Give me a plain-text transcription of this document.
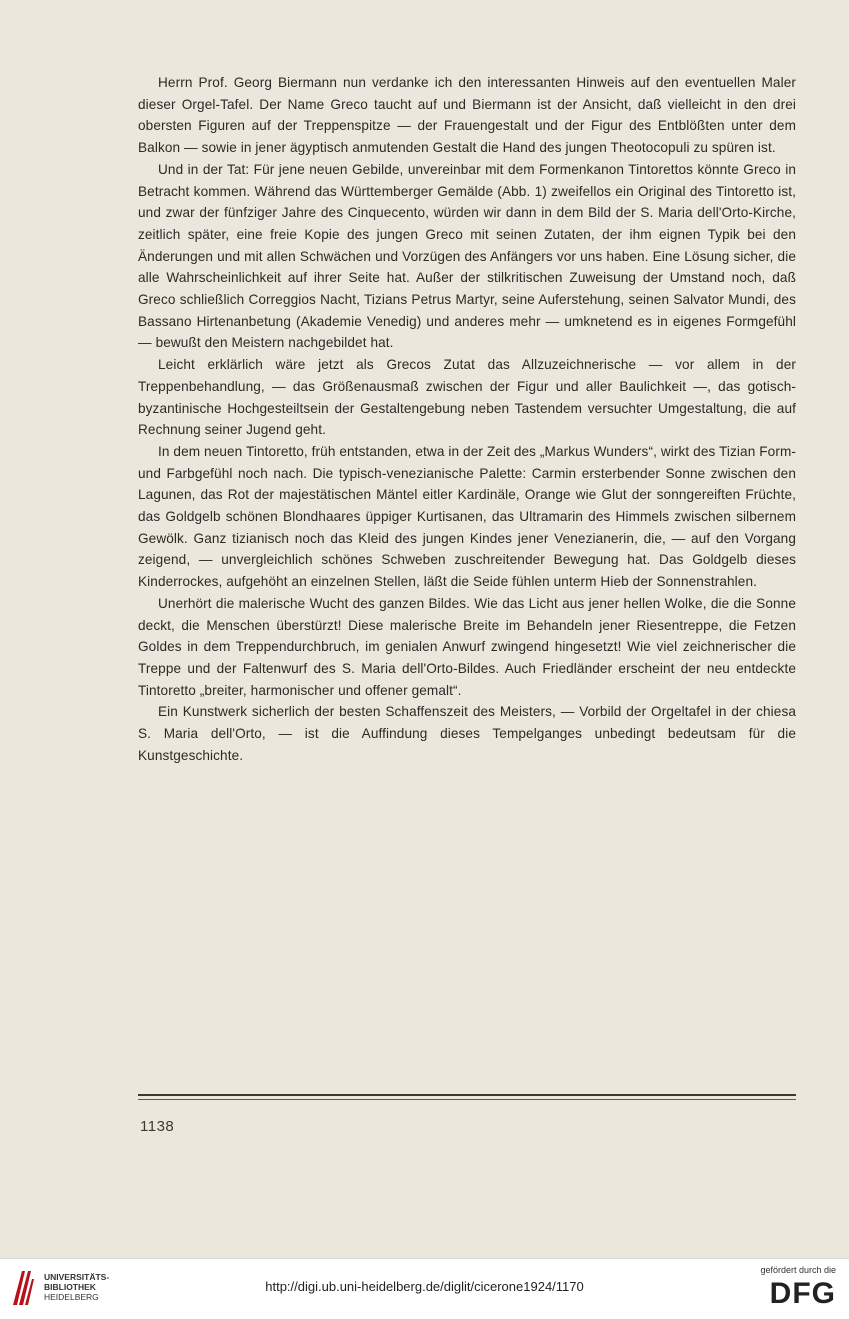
Herrn Prof. Georg Biermann nun verdanke ich den interessanten Hinweis auf den eventuellen Maler dieser Orgel-Tafel. Der Name Greco taucht auf und Biermann ist der Ansicht, daß vielleicht in den drei obersten Figuren auf der Treppenspitze — der Frauengestalt und der Figur des Entblößten unter dem Balkon — sowie in jener ägyptisch anmutenden Gestalt die Hand des jungen Theotocopuli zu spüren ist.

Und in der Tat: Für jene neuen Gebilde, unvereinbar mit dem Formenkanon Tintorettos könnte Greco in Betracht kommen. Während das Württemberger Gemälde (Abb. 1) zweifellos ein Original des Tintoretto ist, und zwar der fünfziger Jahre des Cinquecento, würden wir dann in dem Bild der S. Maria dell'Orto-Kirche, zeitlich später, eine freie Kopie des jungen Greco mit seinen Zutaten, der ihm eignen Typik bei den Änderungen und mit allen Schwächen und Vorzügen des Anfängers vor uns haben. Eine Lösung sicher, die alle Wahrscheinlichkeit auf ihrer Seite hat. Außer der stilkritischen Zuweisung der Umstand noch, daß Greco schließlich Correggios Nacht, Tizians Petrus Martyr, seine Auferstehung, seinen Salvator Mundi, des Bassano Hirtenanbetung (Akademie Venedig) und anderes mehr — umknetend es in eigenes Formgefühl — bewußt den Meistern nachgebildet hat.

Leicht erklärlich wäre jetzt als Grecos Zutat das Allzuzeichnerische — vor allem in der Treppenbehandlung, — das Größenausmaß zwischen der Figur und aller Baulichkeit —, das gotisch-byzantinische Hochgesteiltsein der Gestaltengebung neben Tastendem versuchter Umgestaltung, die auf Rechnung seiner Jugend geht.

In dem neuen Tintoretto, früh entstanden, etwa in der Zeit des „Markus Wunders“, wirkt des Tizian Form- und Farbgefühl noch nach. Die typisch-venezianische Palette: Carmin ersterbender Sonne zwischen den Lagunen, das Rot der majestätischen Mäntel eitler Kardinäle, Orange wie Glut der sonngereiften Früchte, das Goldgelb schönen Blondhaares üppiger Kurtisanen, das Ultramarin des Himmels zwischen silbernem Gewölk. Ganz tizianisch noch das Kleid des jungen Kindes jener Venezianerin, die, — auf den Vorgang zeigend, — unvergleichlich schönes Schweben zuschreitender Bewegung hat. Das Goldgelb dieses Kinderrockes, aufgehöht an einzelnen Stellen, läßt die Seide fühlen unterm Hieb der Sonnenstrahlen.

Unerhört die malerische Wucht des ganzen Bildes. Wie das Licht aus jener hellen Wolke, die die Sonne deckt, die Menschen überstürzt! Diese malerische Breite im Behandeln jener Riesentreppe, die Fetzen Goldes in dem Treppendurchbruch, im genialen Anwurf zwingend hingesetzt! Wie viel zeichnerischer die Treppe und der Faltenwurf des S. Maria dell'Orto-Bildes. Auch Friedländer erscheint der neu entdeckte Tintoretto „breiter, harmonischer und offener gemalt“.

Ein Kunstwerk sicherlich der besten Schaffenszeit des Meisters, — Vorbild der Orgeltafel in der chiesa S. Maria dell'Orto, — ist die Auffindung dieses Tempelganges unbedingt bedeutsam für die Kunstgeschichte.

1138
UNIVERSITÄTS-
BIBLIOTHEK
HEIDELBERG
http://digi.ub.uni-heidelberg.de/diglit/cicerone1924/1170
gefördert durch die
DFG
